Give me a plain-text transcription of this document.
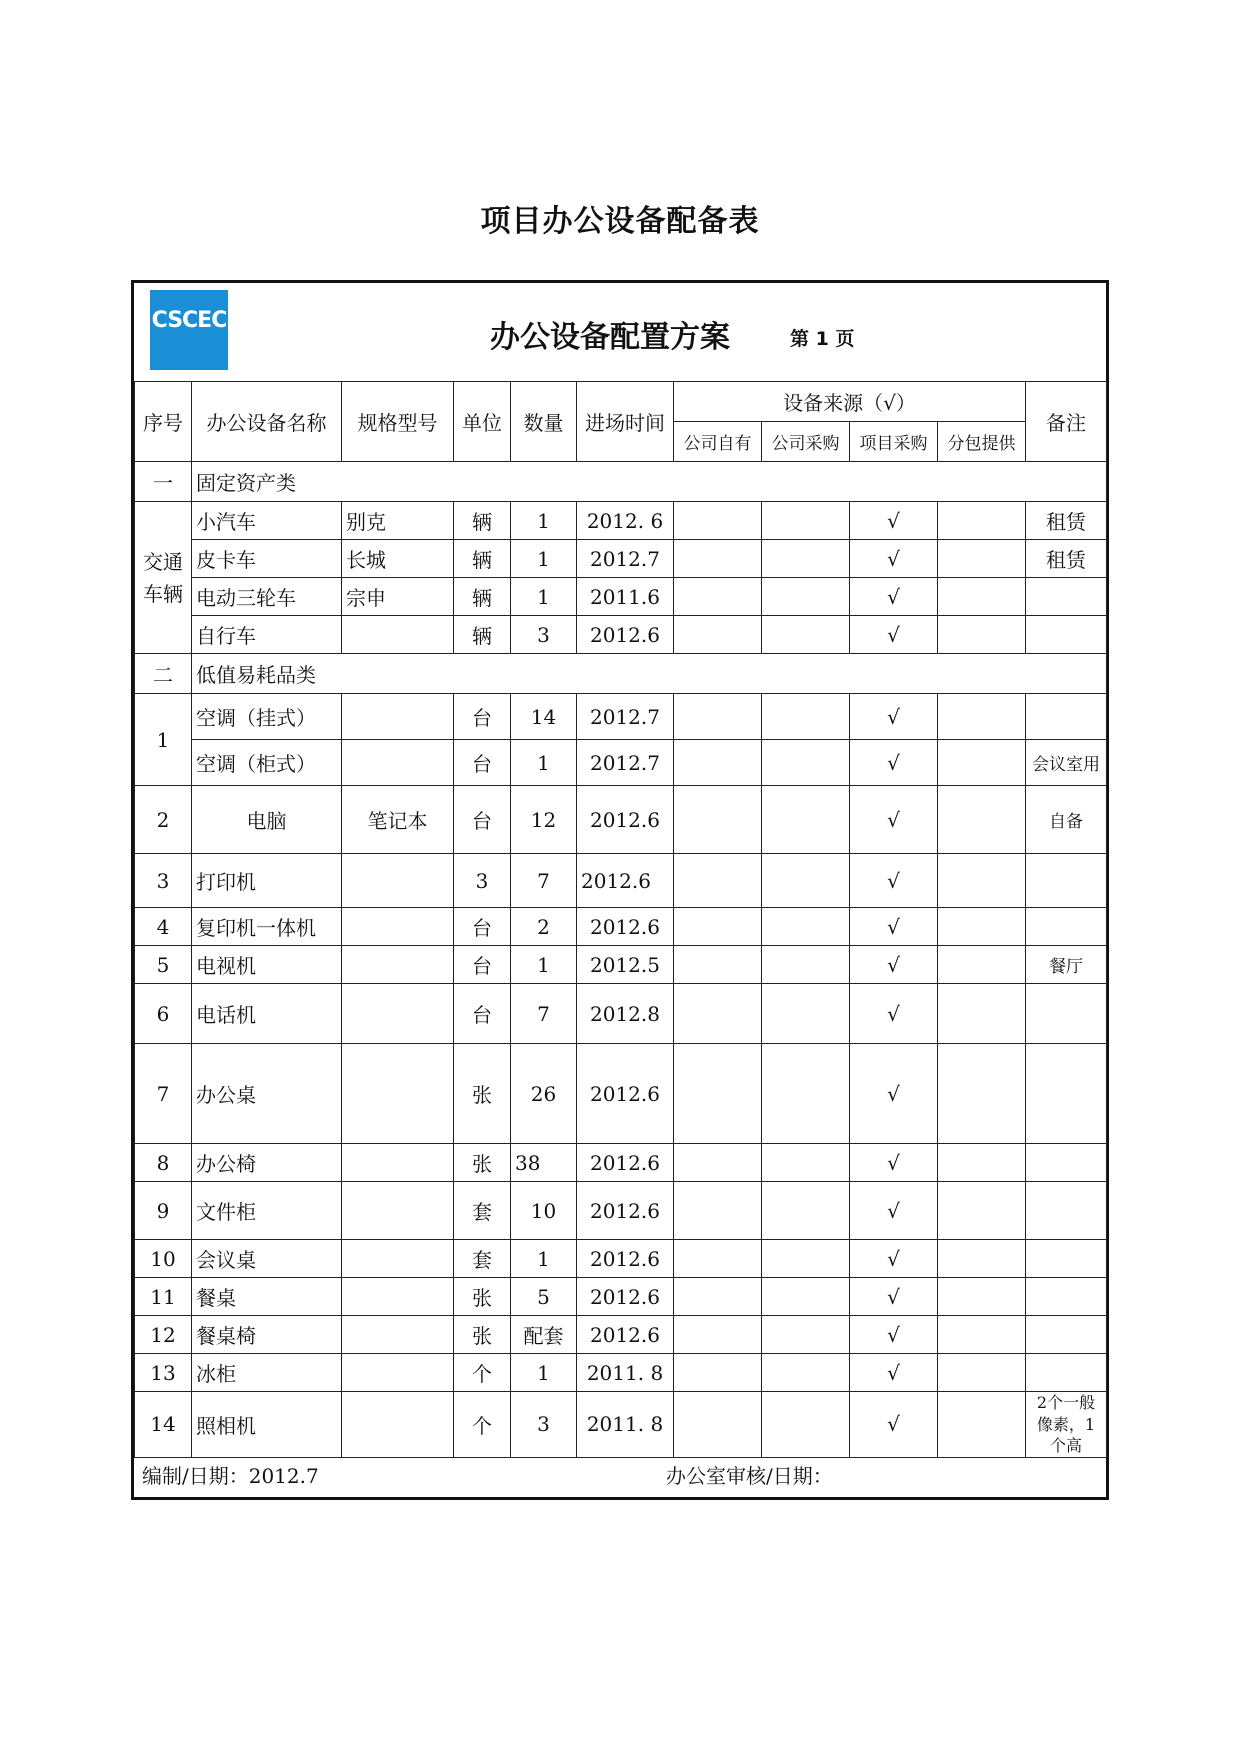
项目办公设备配备表
CSCEC	办公设备配置方案	第 1 页
序号	办公设备名称	规格型号	单位	数量	进场时间	设备来源（√）				备注
						公司自有	公司采购	项目采购	分包提供	
一	固定资产类									
交通车辆	小汽车	别克	辆	1	2012. 6			√		租赁
	皮卡车	长城	辆	1	2012.7			√		租赁
	电动三轮车	宗申	辆	1	2011.6			√		
	自行车		辆	3	2012.6			√		
二	低值易耗品类									
1	空调（挂式）		台	14	2012.7			√		
	空调（柜式）		台	1	2012.7			√		会议室用
2	电脑	笔记本	台	12	2012.6			√		自备
3	打印机		3	7	2012.6			√		
4	复印机一体机		台	2	2012.6			√		
5	电视机		台	1	2012.5			√		餐厅
6	电话机		台	7	2012.8			√		
7	办公桌		张	26	2012.6			√		
8	办公椅		张	38	2012.6			√		
9	文件柜		套	10	2012.6			√		
10	会议桌		套	1	2012.6			√		
11	餐桌		张	5	2012.6			√		
12	餐桌椅		张	配套	2012.6			√		
13	冰柜		个	1	2011. 8			√		
14	照相机		个	3	2011. 8			√		2个一般像素，1个高
编制/日期：2012.7	办公室审核/日期：
